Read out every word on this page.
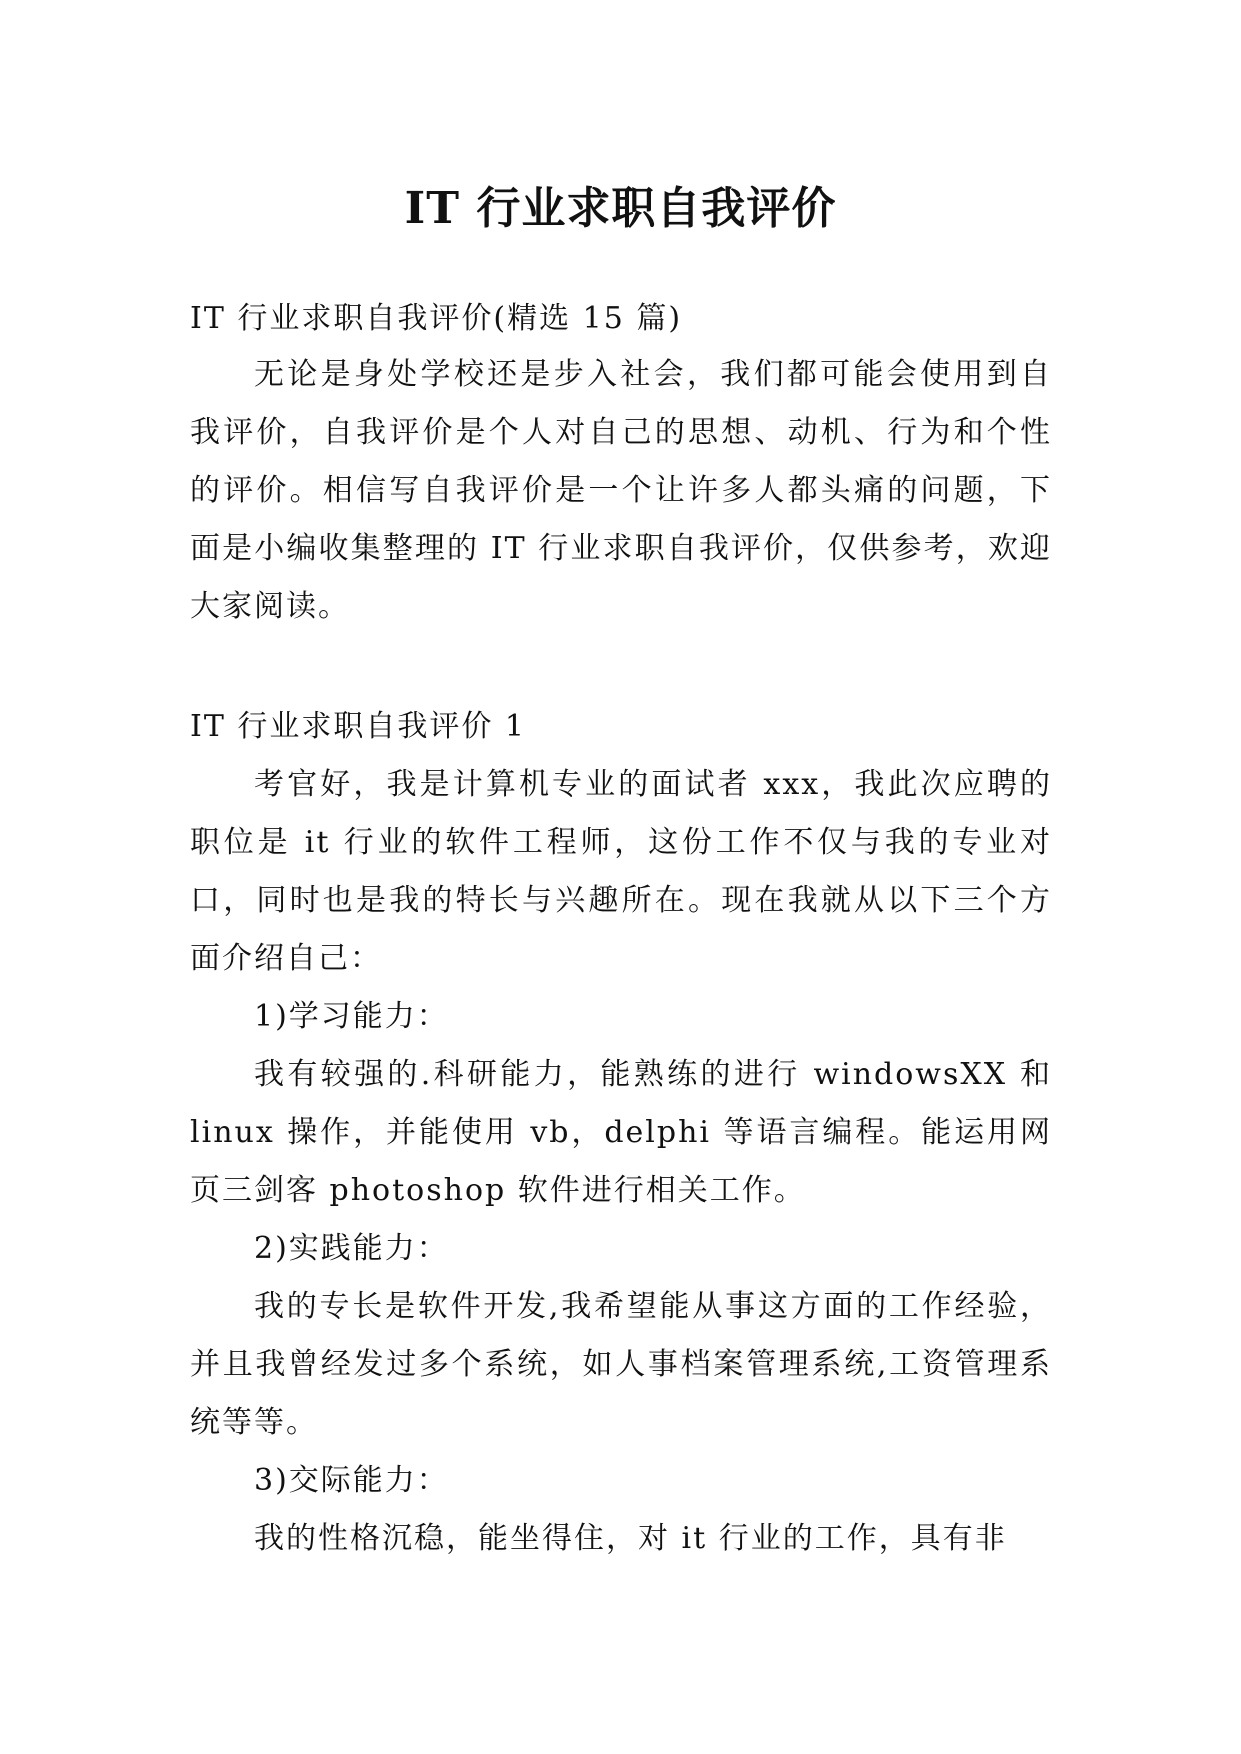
IT 行业求职自我评价
IT 行业求职自我评价(精选 15 篇)

无论是身处学校还是步入社会，我们都可能会使用到自我评价，自我评价是个人对自己的思想、动机、行为和个性的评价。相信写自我评价是一个让许多人都头痛的问题，下面是小编收集整理的 IT 行业求职自我评价，仅供参考，欢迎大家阅读。

IT 行业求职自我评价 1

考官好，我是计算机专业的面试者 xxx，我此次应聘的职位是 it 行业的软件工程师，这份工作不仅与我的专业对口，同时也是我的特长与兴趣所在。现在我就从以下三个方面介绍自己：

1)学习能力：

我有较强的.科研能力，能熟练的进行 windowsXX 和 linux 操作，并能使用 vb，delphi 等语言编程。能运用网页三剑客 photoshop 软件进行相关工作。

2)实践能力：

我的专长是软件开发,我希望能从事这方面的工作经验，并且我曾经发过多个系统，如人事档案管理系统,工资管理系统等等。

3)交际能力：

我的性格沉稳，能坐得住，对 it 行业的工作，具有非
